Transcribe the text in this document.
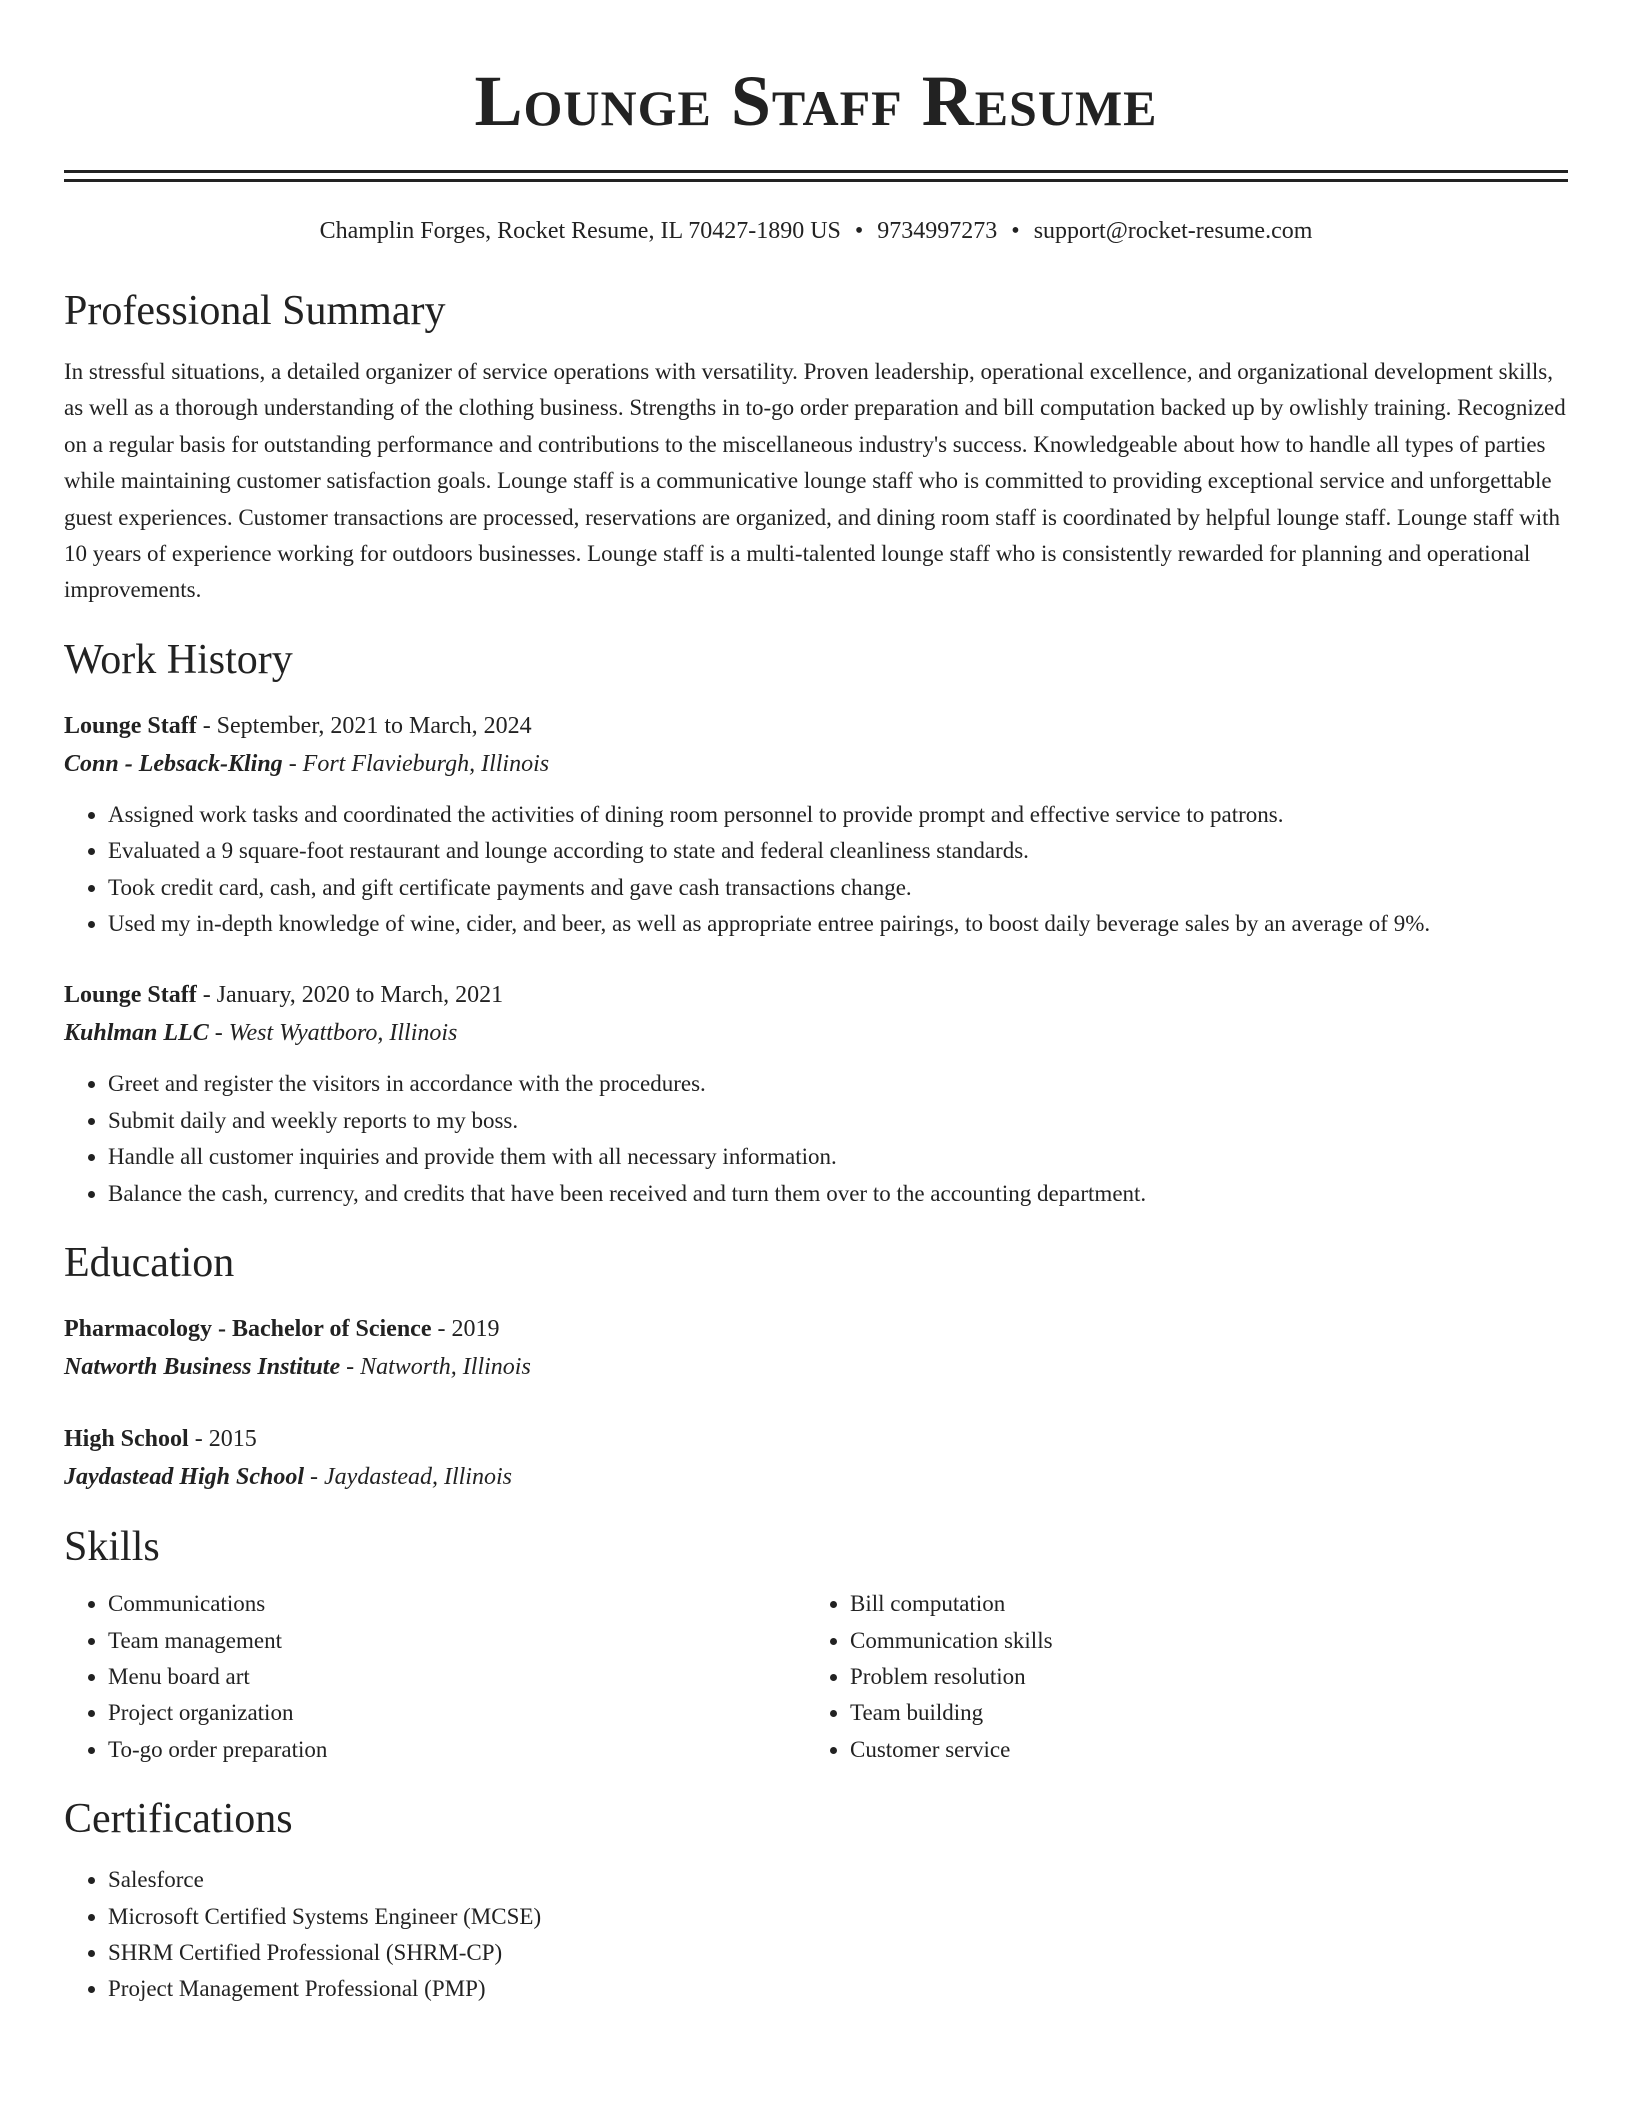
Lounge Staff Resume
Champlin Forges, Rocket Resume, IL 70427-1890 US • 9734997273 • support@rocket-resume.com
Professional Summary
In stressful situations, a detailed organizer of service operations with versatility. Proven leadership, operational excellence, and organizational development skills, as well as a thorough understanding of the clothing business. Strengths in to-go order preparation and bill computation backed up by owlishly training. Recognized on a regular basis for outstanding performance and contributions to the miscellaneous industry's success. Knowledgeable about how to handle all types of parties while maintaining customer satisfaction goals. Lounge staff is a communicative lounge staff who is committed to providing exceptional service and unforgettable guest experiences. Customer transactions are processed, reservations are organized, and dining room staff is coordinated by helpful lounge staff. Lounge staff with 10 years of experience working for outdoors businesses. Lounge staff is a multi-talented lounge staff who is consistently rewarded for planning and operational improvements.
Work History
Lounge Staff - September, 2021 to March, 2024
Conn - Lebsack-Kling - Fort Flavieburgh, Illinois
• Assigned work tasks and coordinated the activities of dining room personnel to provide prompt and effective service to patrons.
• Evaluated a 9 square-foot restaurant and lounge according to state and federal cleanliness standards.
• Took credit card, cash, and gift certificate payments and gave cash transactions change.
• Used my in-depth knowledge of wine, cider, and beer, as well as appropriate entree pairings, to boost daily beverage sales by an average of 9%.
Lounge Staff - January, 2020 to March, 2021
Kuhlman LLC - West Wyattboro, Illinois
• Greet and register the visitors in accordance with the procedures.
• Submit daily and weekly reports to my boss.
• Handle all customer inquiries and provide them with all necessary information.
• Balance the cash, currency, and credits that have been received and turn them over to the accounting department.
Education
Pharmacology - Bachelor of Science - 2019
Natworth Business Institute - Natworth, Illinois
High School - 2015
Jaydastead High School - Jaydastead, Illinois
Skills
• Communications
• Team management
• Menu board art
• Project organization
• To-go order preparation
• Bill computation
• Communication skills
• Problem resolution
• Team building
• Customer service
Certifications
• Salesforce
• Microsoft Certified Systems Engineer (MCSE)
• SHRM Certified Professional (SHRM-CP)
• Project Management Professional (PMP)
